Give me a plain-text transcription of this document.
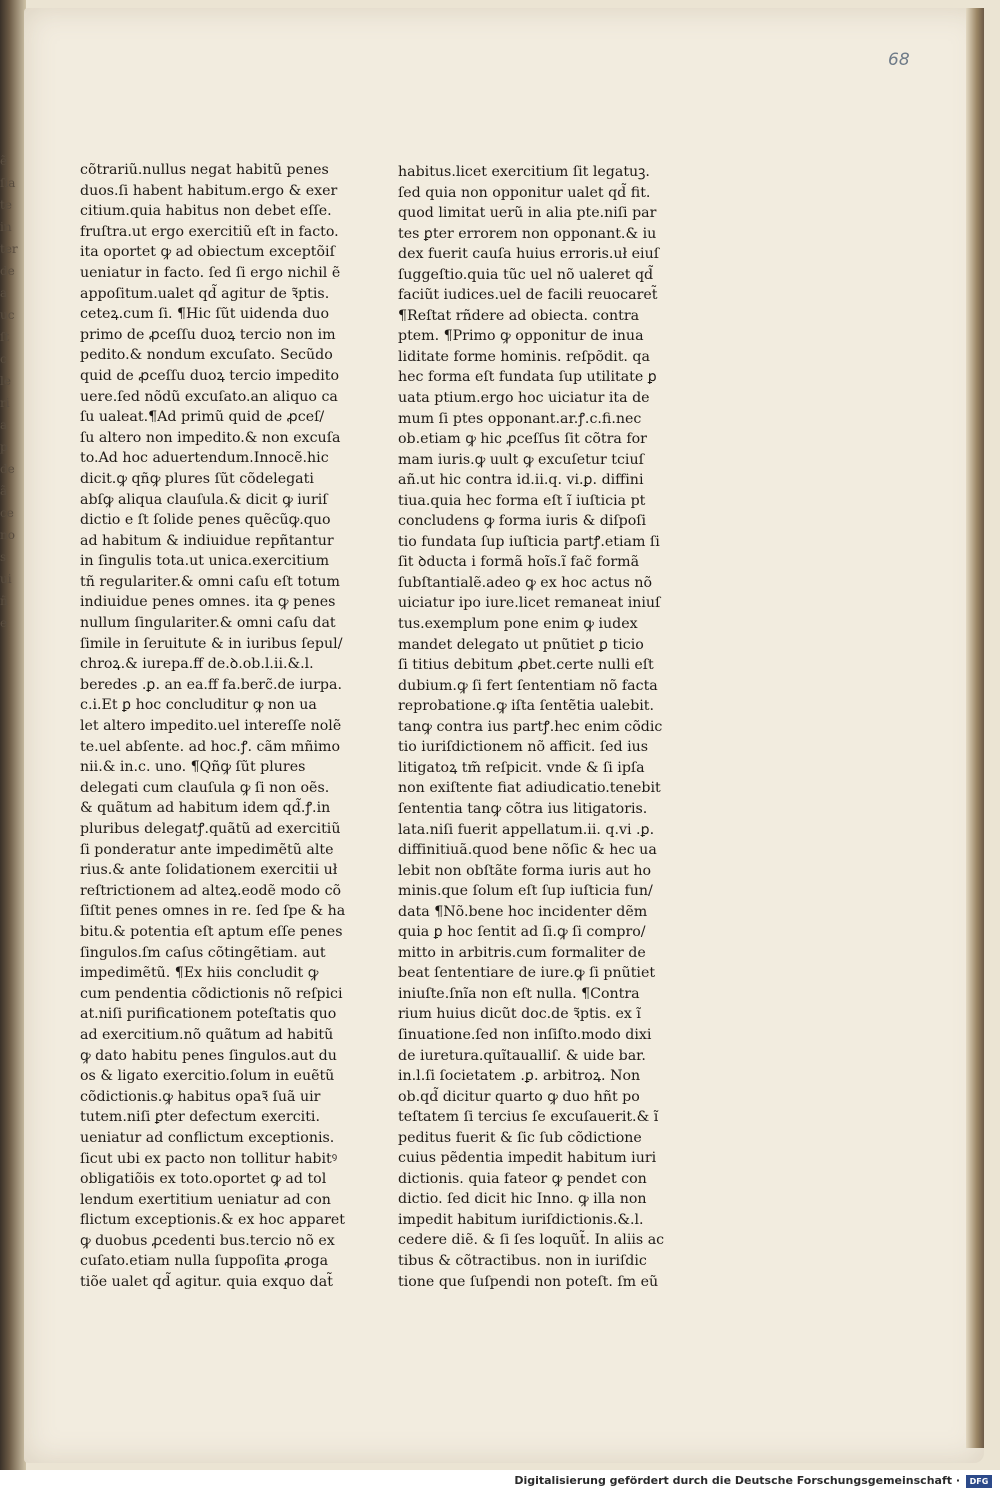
ẽ
ſia
te
in
ter
de
a
uc
ſt
c
le
ri
a
p
de
ã
ce
no
s
ui
ñ
e
68
cõtrariũ.nullus negat habitũ penes
duos.ſi habent habitum.ergo & exer
citium.quia habitus non debet eſſe.
fruſtra.ut ergo exercitiũ eſt in facto.
ita oportet ꝙ ad obiectum exceptõiſ
ueniatur in facto. ſed ſi ergo nichil ẽ
appoſitum.ualet qd̃ agitur de ꝛ̃ptis.
ceteꝝ.cum ſi. ¶Hic ſũt uidenda duo
primo de ꝓceſſu duoꝝ tercio non im
pedito.& nondum excuſato. Secũdo
quid de ꝓceſſu duoꝝ tercio impedito
uere.ſed nõdũ excuſato.an aliquo ca
ſu ualeat.¶Ad primũ quid de ꝓceſ/
ſu altero non impedito.& non excuſa
to.Ad hoc aduertendum.Innocẽ.hic
dicit.ꝙ qñꝙ plures ſũt cõdelegati
abſꝙ aliqua clauſula.& dicit ꝙ iuriſ
dictio e ſt ſolide penes quẽcũꝙ.quo
ad habitum & indiuidue repñtantur
in ſingulis tota.ut unica.exercitium
tñ regulariter.& omni caſu eſt totum
indiuidue penes omnes. ita ꝙ penes
nullum ſingulariter.& omni caſu dat
ſimile in ſeruitute & in iuribus ſepul/
chroꝝ.& iurepa.ff de.ꝺ.ob.l.ii.&.l.
beredes .ꝑ. an ea.ff fa.berc̃.de iurpa.
c.i.Et ꝑ hoc concluditur ꝙ non ua
let altero impedito.uel intereſſe nolẽ
te.uel abſente. ad hoc.ꝭ. cãm mñimo
nii.& in.c. uno. ¶Qñꝙ ſũt plures
delegati cum clauſula ꝙ ſi non oẽs.
& quãtum ad habitum idem qd̃.ꝭ.in
pluribus delegatꝭ.quãtũ ad exercitiũ
ſi ponderatur ante impedimẽtũ alte
rius.& ante ſolidationem exercitii uł
reſtrictionem ad alteꝝ.eodẽ modo cõ
ſiſtit penes omnes in re. ſed ſpe & ha
bitu.& potentia eſt aptum eſſe penes
ſingulos.ſm caſus cõtingẽtiam. aut
impedimẽtũ. ¶Ex hiis concludit ꝙ
cum pendentia cõdictionis nõ reſpici
at.niſi purificationem poteſtatis quo
ad exercitium.nõ quãtum ad habitũ
ꝙ dato habitu penes ſingulos.aut du
os & ligato exercitio.ſolum in euẽtũ
cõdictionis.ꝙ habitus opaꝛ̃ ſuã uir
tutem.niſi ꝑter defectum exerciti.
ueniatur ad conflictum exceptionis.
ſicut ubi ex pacto non tollitur habitꝰ
obligatiõis ex toto.oportet ꝙ ad tol
lendum exertitium ueniatur ad con
flictum exceptionis.& ex hoc apparet
ꝙ duobus ꝓcedenti bus.tercio nõ ex
cuſato.etiam nulla ſuppoſita ꝓroga
tiõe ualet qd̃ agitur. quia exquo dat̃
habitus.licet exercitium ſit legatuꝫ.
ſed quia non opponitur ualet qd̃ fit.
quod limitat uerũ in alia pte.niſi par
tes ꝑter errorem non opponant.& iu
dex fuerit cauſa huius erroris.uł eiuſ
ſuggeſtio.quia tũc uel nõ ualeret qd̃
faciũt iudices.uel de facili reuocaret̃
¶Reſtat rñdere ad obiecta. contra
ptem. ¶Primo ꝙ opponitur de inua
liditate forme hominis. reſpõdit. qa
hec forma eſt fundata ſup utilitate ꝑ
uata ptium.ergo hoc uiciatur ita de
mum ſi ptes opponant.ar.ꝭ.c.fi.nec
ob.etiam ꝙ hic ꝓceſſus ſit cõtra for
mam iuris.ꝙ uult ꝙ excuſetur tciuſ
añ.ut hic contra id.ii.q. vi.ꝑ. diffini
tiua.quia hec forma eſt ĩ iuſticia pt
concludens ꝙ forma iuris & diſpoſi
tio fundata ſup iuſticia partꝭ.etiam ſi
ſit ꝺducta i formã hoĩs.ĩ fac̃ formã
ſubſtantialẽ.adeo ꝙ ex hoc actus nõ
uiciatur ipo iure.licet remaneat iniuſ
tus.exemplum pone enim ꝙ iudex
mandet delegato ut pnũtiet ꝑ ticio
ſi titius debitum ꝓbet.certe nulli eſt
dubium.ꝙ ſi fert ſententiam nõ facta
reprobatione.ꝙ iſta ſentẽtia ualebit.
tanꝙ contra ius partꝭ.hec enim cõdic
tio iuriſdictionem nõ afficit. ſed ius
litigatoꝝ tm̃ reſpicit. vnde & ſi ipſa
non exiſtente fiat adiudicatio.tenebit
ſententia tanꝙ cõtra ius litigatoris.
lata.niſi fuerit appellatum.ii. q.vi .ꝑ.
diffinitiuã.quod bene nõſic & hec ua
lebit non obſtãte forma iuris aut ho
minis.que ſolum eſt ſup iuſticia fun/
data ¶Nõ.bene hoc incidenter dẽm
quia ꝑ hoc ſentit ad ſi.ꝙ ſi compro/
mitto in arbitris.cum formaliter de
beat ſententiare de iure.ꝙ ſi pnũtiet
iniuſte.ſnĩa non eſt nulla. ¶Contra
rium huius dicũt doc.de ꝛ̃ptis. ex ĩ
ſinuatione.ſed non inſiſto.modo dixi
de iuretura.quĩtaualliſ. & uide bar.
in.l.ſi ſocietatem .ꝑ. arbitroꝝ. Non
ob.qd̃ dicitur quarto ꝙ duo hñt po
teſtatem ſi tercius ſe excuſauerit.& ĩ
peditus fuerit & ſic ſub cõdictione
cuius pẽdentia impedit habitum iuri
dictionis. quia fateor ꝙ pendet con
dictio. ſed dicit hic Inno. ꝙ illa non
impedit habitum iuriſdictionis.&.l.
cedere diẽ. & ſi ſes loquũt̃. In aliis ac
tibus & cõtractibus. non in iuriſdic
tione que ſuſpendi non poteſt. ſm eũ
Digitalisierung gefördert durch die Deutsche Forschungsgemeinschaft ·	DFG
